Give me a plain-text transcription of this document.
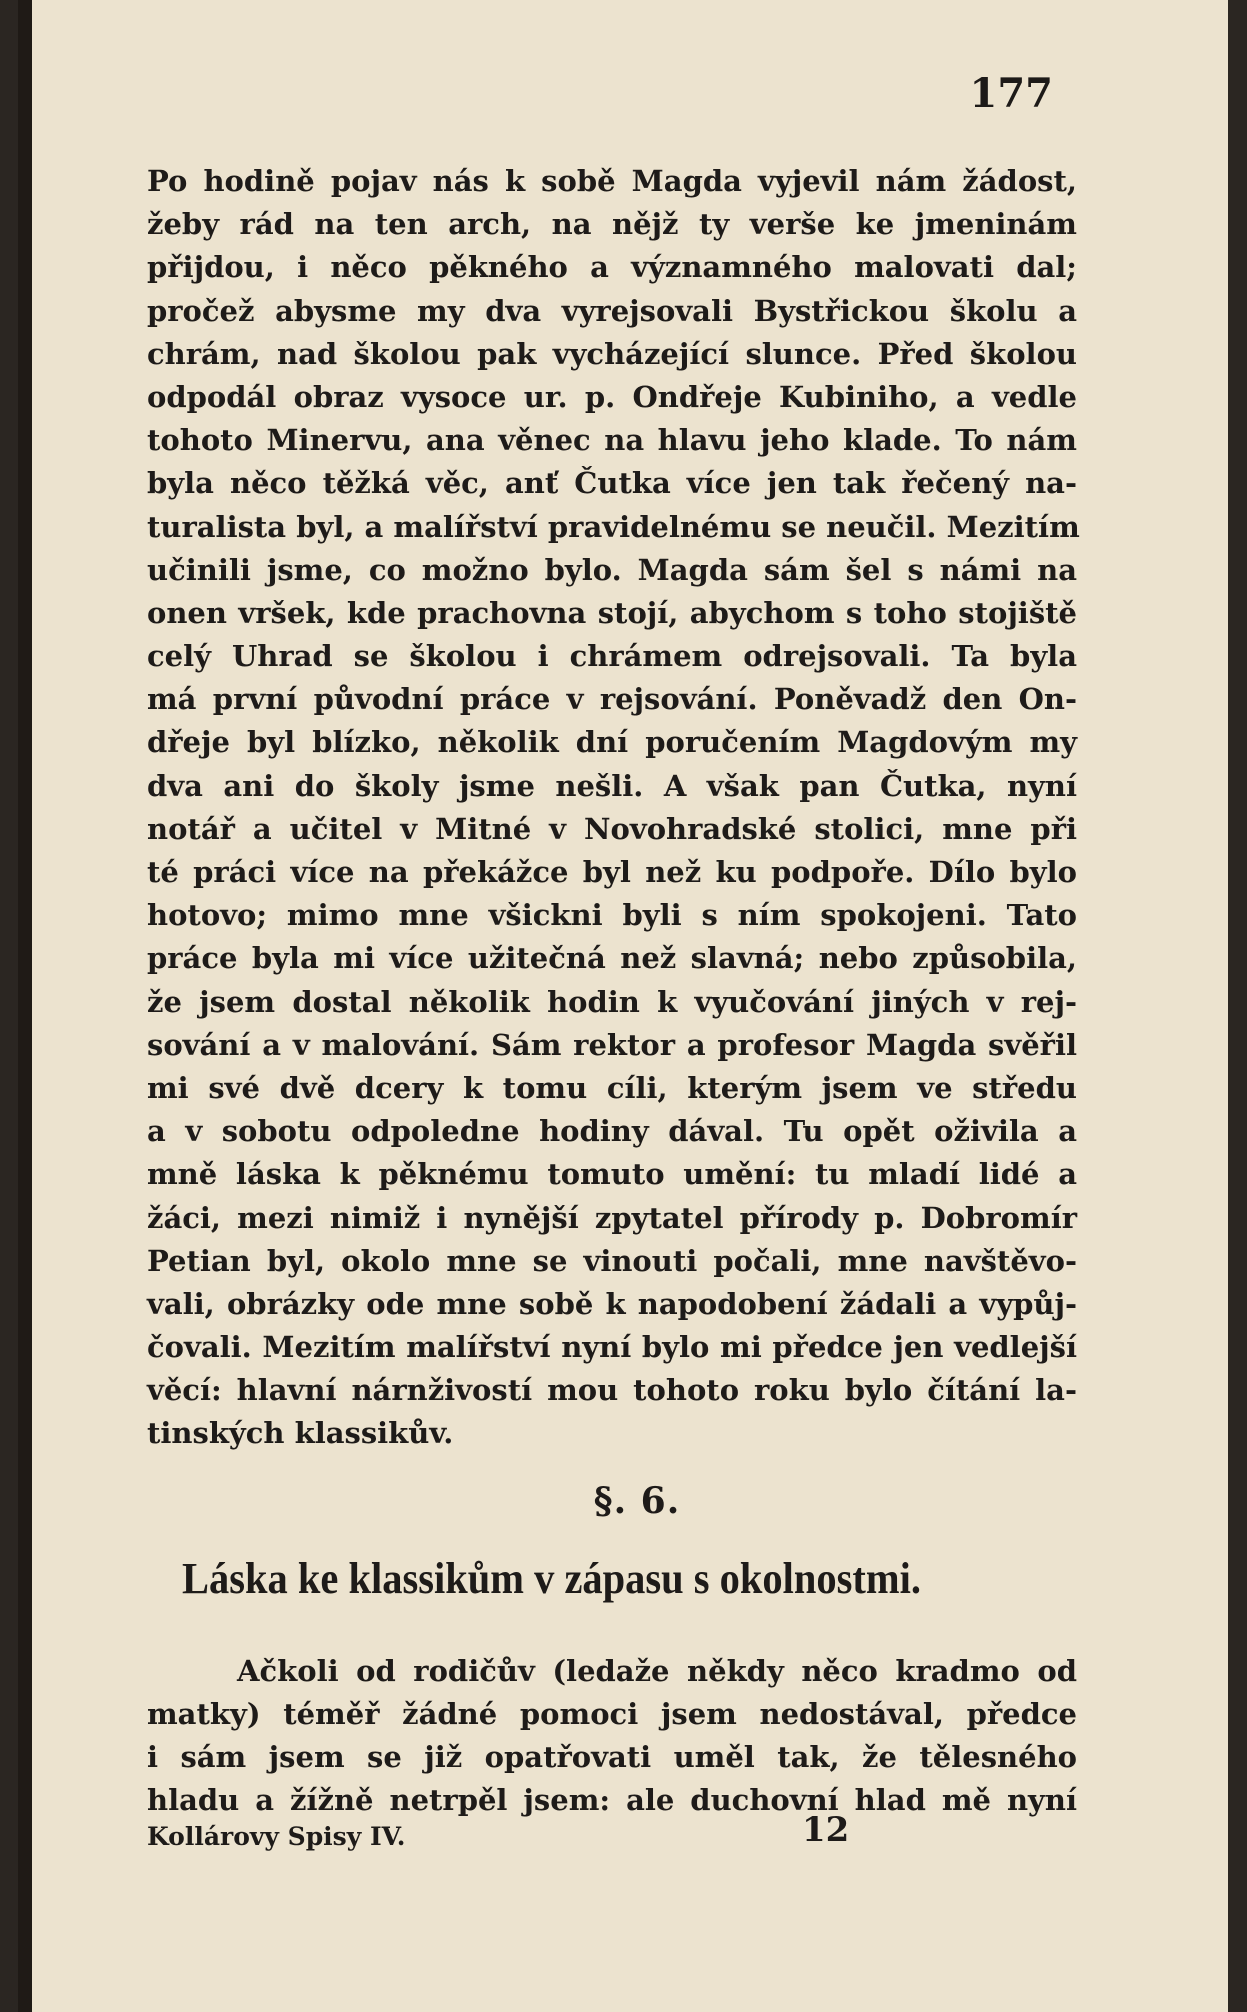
177
Po hodině pojav nás k sobě Magda vyjevil nám žádost,
žeby rád na ten arch, na nějž ty verše ke jmeninám
přijdou, i něco pěkného a významného malovati dal;
pročež abysme my dva vyrejsovali Bystřickou školu a
chrám, nad školou pak vycházející slunce. Před školou
odpodál obraz vysoce ur. p. Ondřeje Kubiniho, a vedle
tohoto Minervu, ana věnec na hlavu jeho klade. To nám
byla něco těžká věc, anť Čutka více jen tak řečený na-
turalista byl, a malířství pravidelnému se neučil. Mezitím
učinili jsme, co možno bylo. Magda sám šel s námi na
onen vršek, kde prachovna stojí, abychom s toho stojiště
celý Uhrad se školou i chrámem odrejsovali. Ta byla
má první původní práce v rejsování. Poněvadž den On-
dřeje byl blízko, několik dní poručením Magdovým my
dva ani do školy jsme nešli. A však pan Čutka, nyní
notář a učitel v Mitné v Novohradské stolici, mne při
té práci více na překážce byl než ku podpoře. Dílo bylo
hotovo; mimo mne všickni byli s ním spokojeni. Tato
práce byla mi více užitečná než slavná; nebo způsobila,
že jsem dostal několik hodin k vyučování jiných v rej-
sování a v malování. Sám rektor a profesor Magda svěřil
mi své dvě dcery k tomu cíli, kterým jsem ve středu
a v sobotu odpoledne hodiny dával. Tu opět oživila a
mně láska k pěknému tomuto umění: tu mladí lidé a
žáci, mezi nimiž i nynější zpytatel přírody p. Dobromír
Petian byl, okolo mne se vinouti počali, mne navštěvo-
vali, obrázky ode mne sobě k napodobení žádali a vypůj-
čovali. Mezitím malířství nyní bylo mi předce jen vedlejší
věcí: hlavní nárnživostí mou tohoto roku bylo čítání la-
tinských klassikův.
§. 6.
Láska ke klassikům v zápasu s okolnostmi.
Ačkoli od rodičův (ledaže někdy něco kradmo od
matky) téměř žádné pomoci jsem nedostával, předce
i sám jsem se již opatřovati uměl tak, že tělesného
hladu a žížně netrpěl jsem: ale duchovní hlad mě nyní
Kollárovy Spisy IV.	12
